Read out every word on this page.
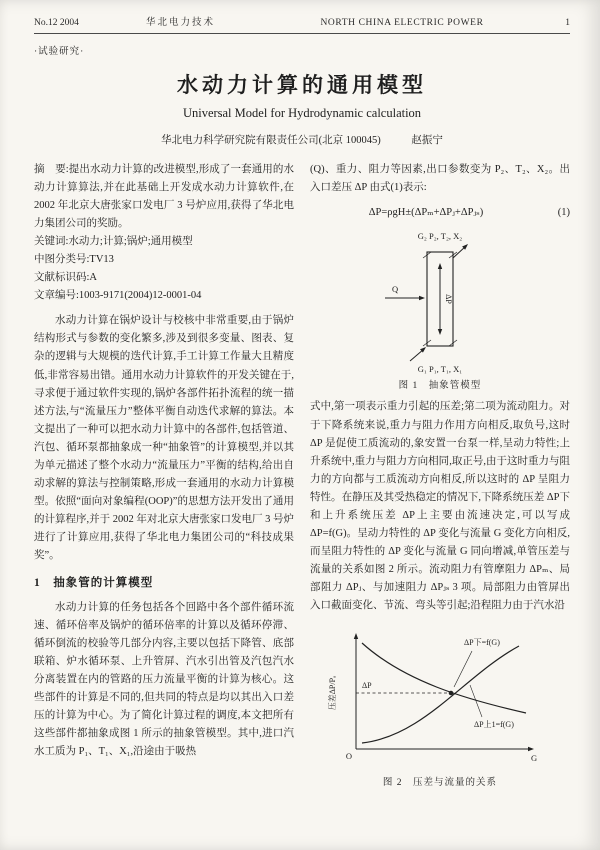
No.12 2004	华北电力技术	NORTH CHINA ELECTRIC POWER	1
·试验研究·
水动力计算的通用模型
Universal Model for Hydrodynamic calculation
华北电力科学研究院有限责任公司(北京 100045)	赵振宁

摘　要:提出水动力计算的改进模型,形成了一套通用的水动力计算算法,并在此基础上开发成水动力计算软件,在 2002 年北京大唐张家口发电厂 3 号炉应用,获得了华北电力集团公司的奖励。

关键词:水动力;计算;锅炉;通用模型

中图分类号:TV13

文献标识码:A

文章编号:1003-9171(2004)12-0001-04

水动力计算在锅炉设计与校核中非常重要,由于锅炉结构形式与参数的变化繁多,涉及到很多变量、图表、复杂的逻辑与大规模的迭代计算,手工计算工作量大且精度低,非常容易出错。通用水动力计算软件的开发关键在于,寻求便于通过软件实现的,锅炉各部件拓扑流程的统一描述方法,与“流量压力”整体平衡自动迭代求解的算法。本文提出了一种可以把水动力计算中的各部件,包括管道、汽包、循环泵都抽象成一种“抽象管”的计算模型,并以其为单元描述了整个水动力“流量压力”平衡的结构,给出自动求解的算法与控制策略,形成一套通用的水动力计算模型。依照“面向对象编程(OOP)”的思想方法开发出了通用的计算程序,并于 2002 年对北京大唐张家口发电厂 3 号炉进行了计算应用,获得了华北电力集团公司的“科技成果奖”。

1　抽象管的计算模型

水动力计算的任务包括各个回路中各个部件循环流速、循环倍率及锅炉的循环倍率的计算以及循环停滞、循环倒流的校验等几部分内容,主要以包括下降管、底部联箱、炉水循环泵、上升管屏、汽水引出管及汽包汽水分离装置在内的管路的压力流量平衡的计算为核心。这些部件的计算是不同的,但共同的特点是均以其出入口差压的计算为中心。为了简化计算过程的调度,本文把所有这些部件都抽象成图 1 所示的抽象管模型。其中,进口汽水工质为 P₁、T₁、X₁,沿途由于吸热

(Q)、重力、阻力等因素,出口参数变为 P₂、T₂、X₂。出入口差压 ΔP 由式(1)表示:

ΔP=ρgH±(ΔPₘ+ΔPⱼ+ΔPⱼₛ)	(1)
G₂ P₂, T₂, X₂
Q
ΔP
G₁ P₁, T₁, X₁
图 1　抽象管模型

式中,第一项表示重力引起的压差;第二项为流动阻力。对于下降系统来说,重力与阻力作用方向相反,取负号,这时 ΔP 是促使工质流动的,象安置一台泵一样,呈动力特性;上升系统中,重力与阻力方向相同,取正号,由于这时重力与阻力的方向都与工质流动方向相反,所以这时的 ΔP 呈阻力特性。在静压及其受热稳定的情况下,下降系统压差 ΔP下和上升系统压差 ΔP上主要由流速决定,可以写成 ΔP=f(G)。呈动力特性的 ΔP 变化与流量 G 变化方向相反,而呈阻力特性的 ΔP 变化与流量 G 同向增减,单管压差与流量的关系如图 2 所示。流动阻力有管摩阻力 ΔPₘ、局部阻力 ΔPⱼ、与加速阻力 ΔPⱼₛ 3 项。局部阻力由管屏出入口截面变化、节流、弯头等引起;沿程阻力由于汽水沿

O	G
压差ΔP/Pₐ	ΔP
ΔP下=f(G)
ΔP上1=f(G)
图 2　压差与流量的关系
